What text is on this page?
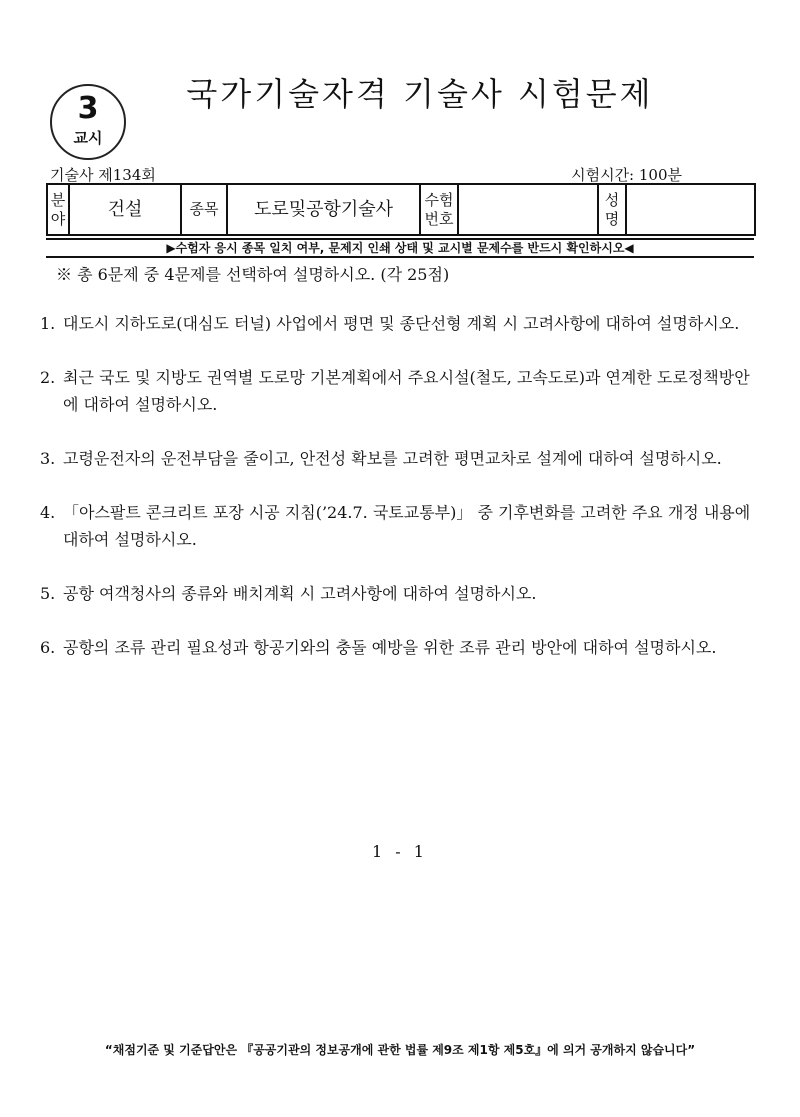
3
교시
국가기술자격 기술사 시험문제
기술사 제134회	시험시간: 100분
분야	건설	종목	도로및공항기술사	수험번호		성명	
▶수험자 응시 종목 일치 여부, 문제지 인쇄 상태 및 교시별 문제수를 반드시 확인하시오◀
※ 총 6문제 중 4문제를 선택하여 설명하시오. (각 25점)
1. 대도시 지하도로(대심도 터널) 사업에서 평면 및 종단선형 계획 시 고려사항에 대하여 설명하시오.
2. 최근 국도 및 지방도 권역별 도로망 기본계획에서 주요시설(철도, 고속도로)과 연계한 도로정책방안에 대하여 설명하시오.
3. 고령운전자의 운전부담을 줄이고, 안전성 확보를 고려한 평면교차로 설계에 대하여 설명하시오.
4. 「아스팔트 콘크리트 포장 시공 지침(’24.7. 국토교통부)」 중 기후변화를 고려한 주요 개정 내용에 대하여 설명하시오.
5. 공항 여객청사의 종류와 배치계획 시 고려사항에 대하여 설명하시오.
6. 공항의 조류 관리 필요성과 항공기와의 충돌 예방을 위한 조류 관리 방안에 대하여 설명하시오.
1 - 1
“채점기준 및 기준답안은 『공공기관의 정보공개에 관한 법률 제9조 제1항 제5호』에 의거 공개하지 않습니다”
